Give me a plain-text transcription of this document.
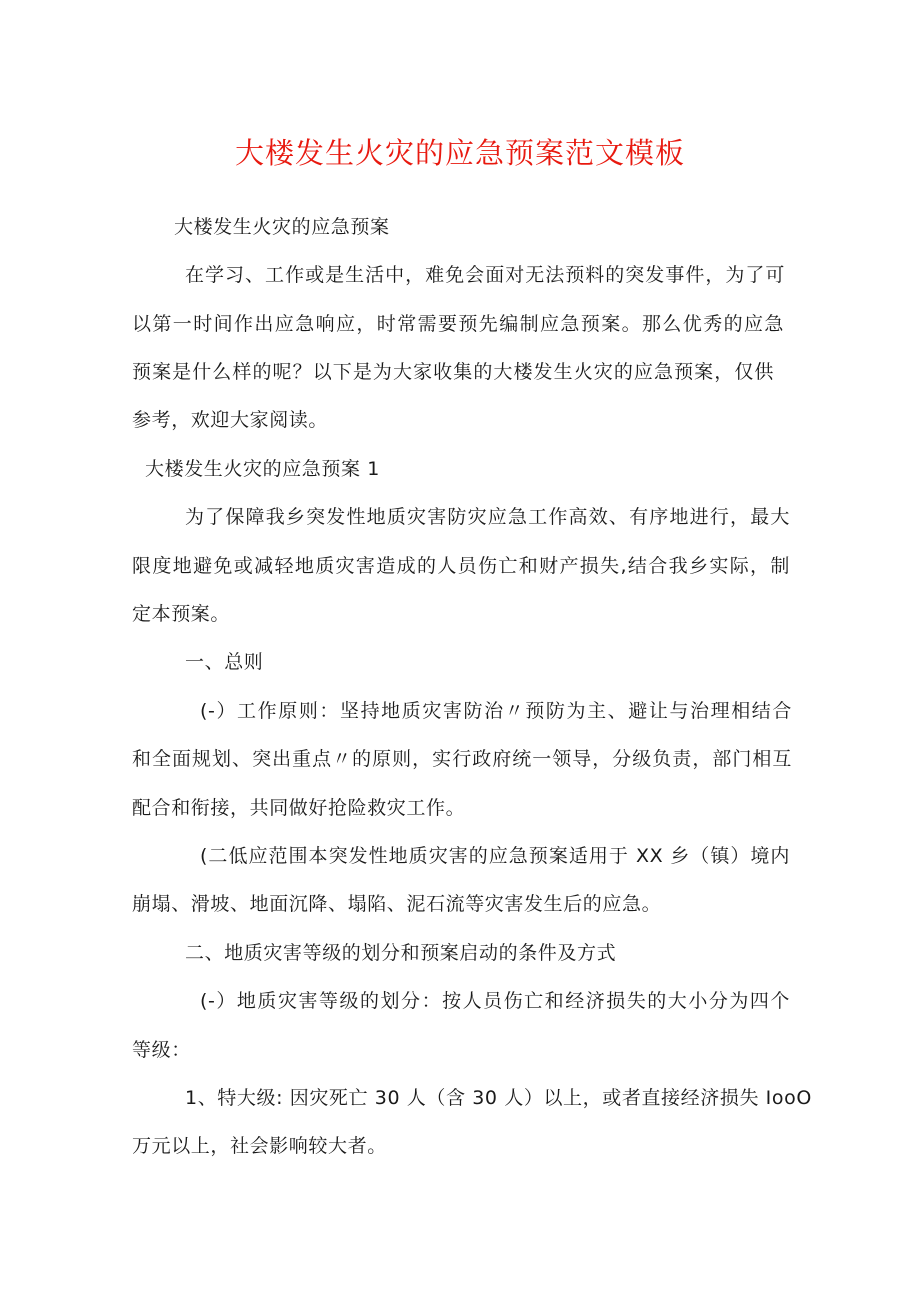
大楼发生火灾的应急预案范文模板
大楼发生火灾的应急预案
在学习、工作或是生活中，难免会面对无法预料的突发事件，为了可
以第一时间作出应急响应，时常需要预先编制应急预案。那么优秀的应急
预案是什么样的呢？以下是为大家收集的大楼发生火灾的应急预案，仅供
参考，欢迎大家阅读。
大楼发生火灾的应急预案 1
为了保障我乡突发性地质灾害防灾应急工作高效、有序地进行，最大
限度地避免或减轻地质灾害造成的人员伤亡和财产损失,结合我乡实际，制
定本预案。
一、总则
(-）工作原则：坚持地质灾害防治〃预防为主、避让与治理相结合
和全面规划、突出重点〃的原则，实行政府统一领导，分级负责，部门相互
配合和衔接，共同做好抢险救灾工作。
(二低应范围本突发性地质灾害的应急预案适用于 XX 乡（镇）境内
崩塌、滑坡、地面沉降、塌陷、泥石流等灾害发生后的应急。
二、地质灾害等级的划分和预案启动的条件及方式
(-）地质灾害等级的划分：按人员伤亡和经济损失的大小分为四个
等级：
1、特大级: 因灾死亡 30 人（含 30 人）以上，或者直接经济损失 IooO
万元以上，社会影响较大者。
